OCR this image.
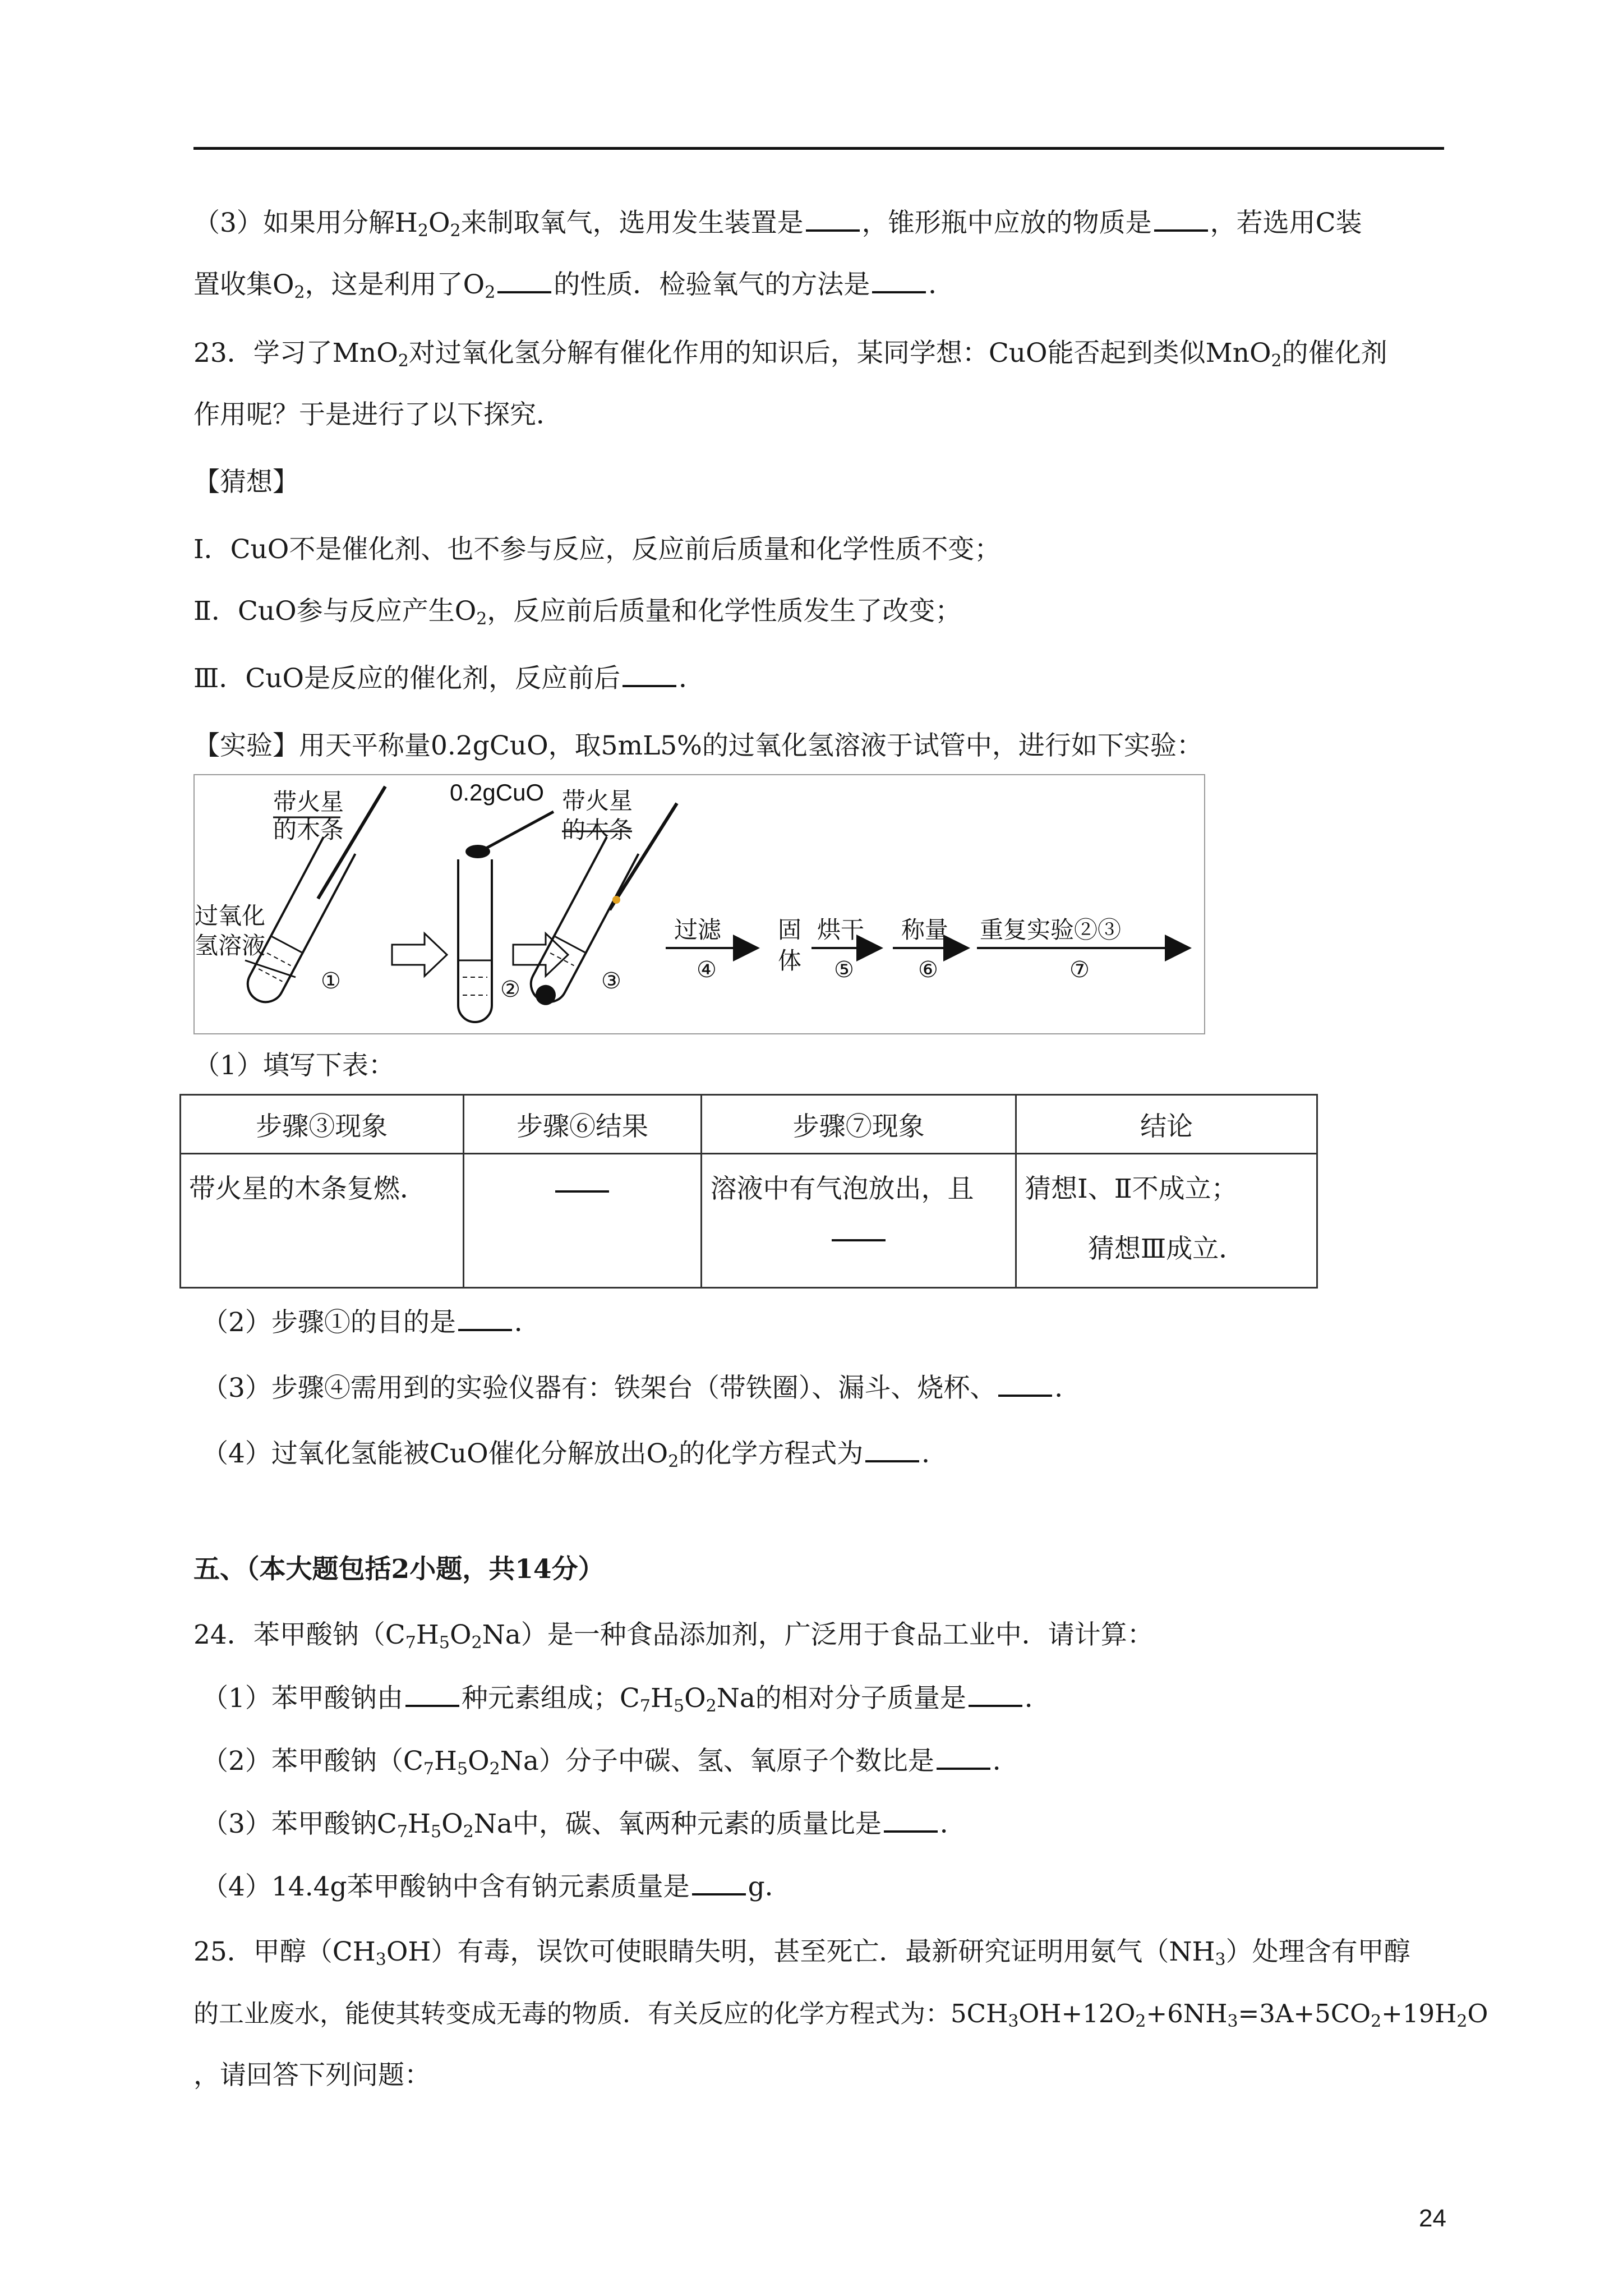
（3）如果用分解$H_2O_2$来制取氧气，选用发生装置是 ，锥形瓶中应放的物质是 ，若选用C装
置收集$O_2$，这是利用了$O_2$ 的性质．检验氧气的方法是 ．
23．学习了MnO$_2$对过氧化氢分解有催化作用的知识后，某同学想：CuO能否起到类似MnO$_2$的催化剂
作用呢？于是进行了以下探究．
【猜想】
Ⅰ．CuO不是催化剂、也不参与反应，反应前后质量和化学性质不变；
Ⅱ．CuO参与反应产生$O_2$，反应前后质量和化学性质发生了改变；
Ⅲ．CuO是反应的催化剂，反应前后 ．
【实验】用天平称量0.2gCuO，取5mL5%的过氧化氢溶液于试管中，进行如下实验：
带火星
的木条
过氧化
氢溶液
①	②
0.2gCuO 带火星
的木条
③
过滤
④
固
体
烘干
⑤
称量
⑥
重复实验②③
⑦
（1）填写下表：
步骤③现象	步骤⑥结果	步骤⑦现象	结论
带火星的木条复燃．		溶液中有气泡放出，且	猜想Ⅰ、Ⅱ不成立；
猜想Ⅲ成立．
（2）步骤①的目的是 ．
（3）步骤④需用到的实验仪器有：铁架台（带铁圈）、漏斗、烧杯、 ．
（4）过氧化氢能被CuO催化分解放出$O_2$的化学方程式为 ．
五、（本大题包括2小题，共14分）
24．苯甲酸钠$(C_7H_5O_2Na)$是一种食品添加剂，广泛用于食品工业中．请计算：
（1）苯甲酸钠由 种元素组成；$C_7H_5O_2Na$的相对分子质量是 ．
（2）苯甲酸钠$(C_7H_5O_2Na)$分子中碳、氢、氧原子个数比是 ．
（3）苯甲酸钠$C_7H_5O_2Na$中，碳、氧两种元素的质量比是 ．
（4）14.4g苯甲酸钠中含有钠元素质量是 g．
25．甲醇$(CH_3OH)$有毒，误饮可使眼睛失明，甚至死亡．最新研究证明用氨气$(NH_3)$处理含有甲醇
的工业废水，能使其转变成无毒的物质．有关反应的化学方程式为：$5CH_3OH+12O_2+6NH_3=3A+5CO_2+19H_2O$
，请回答下列问题：
24
